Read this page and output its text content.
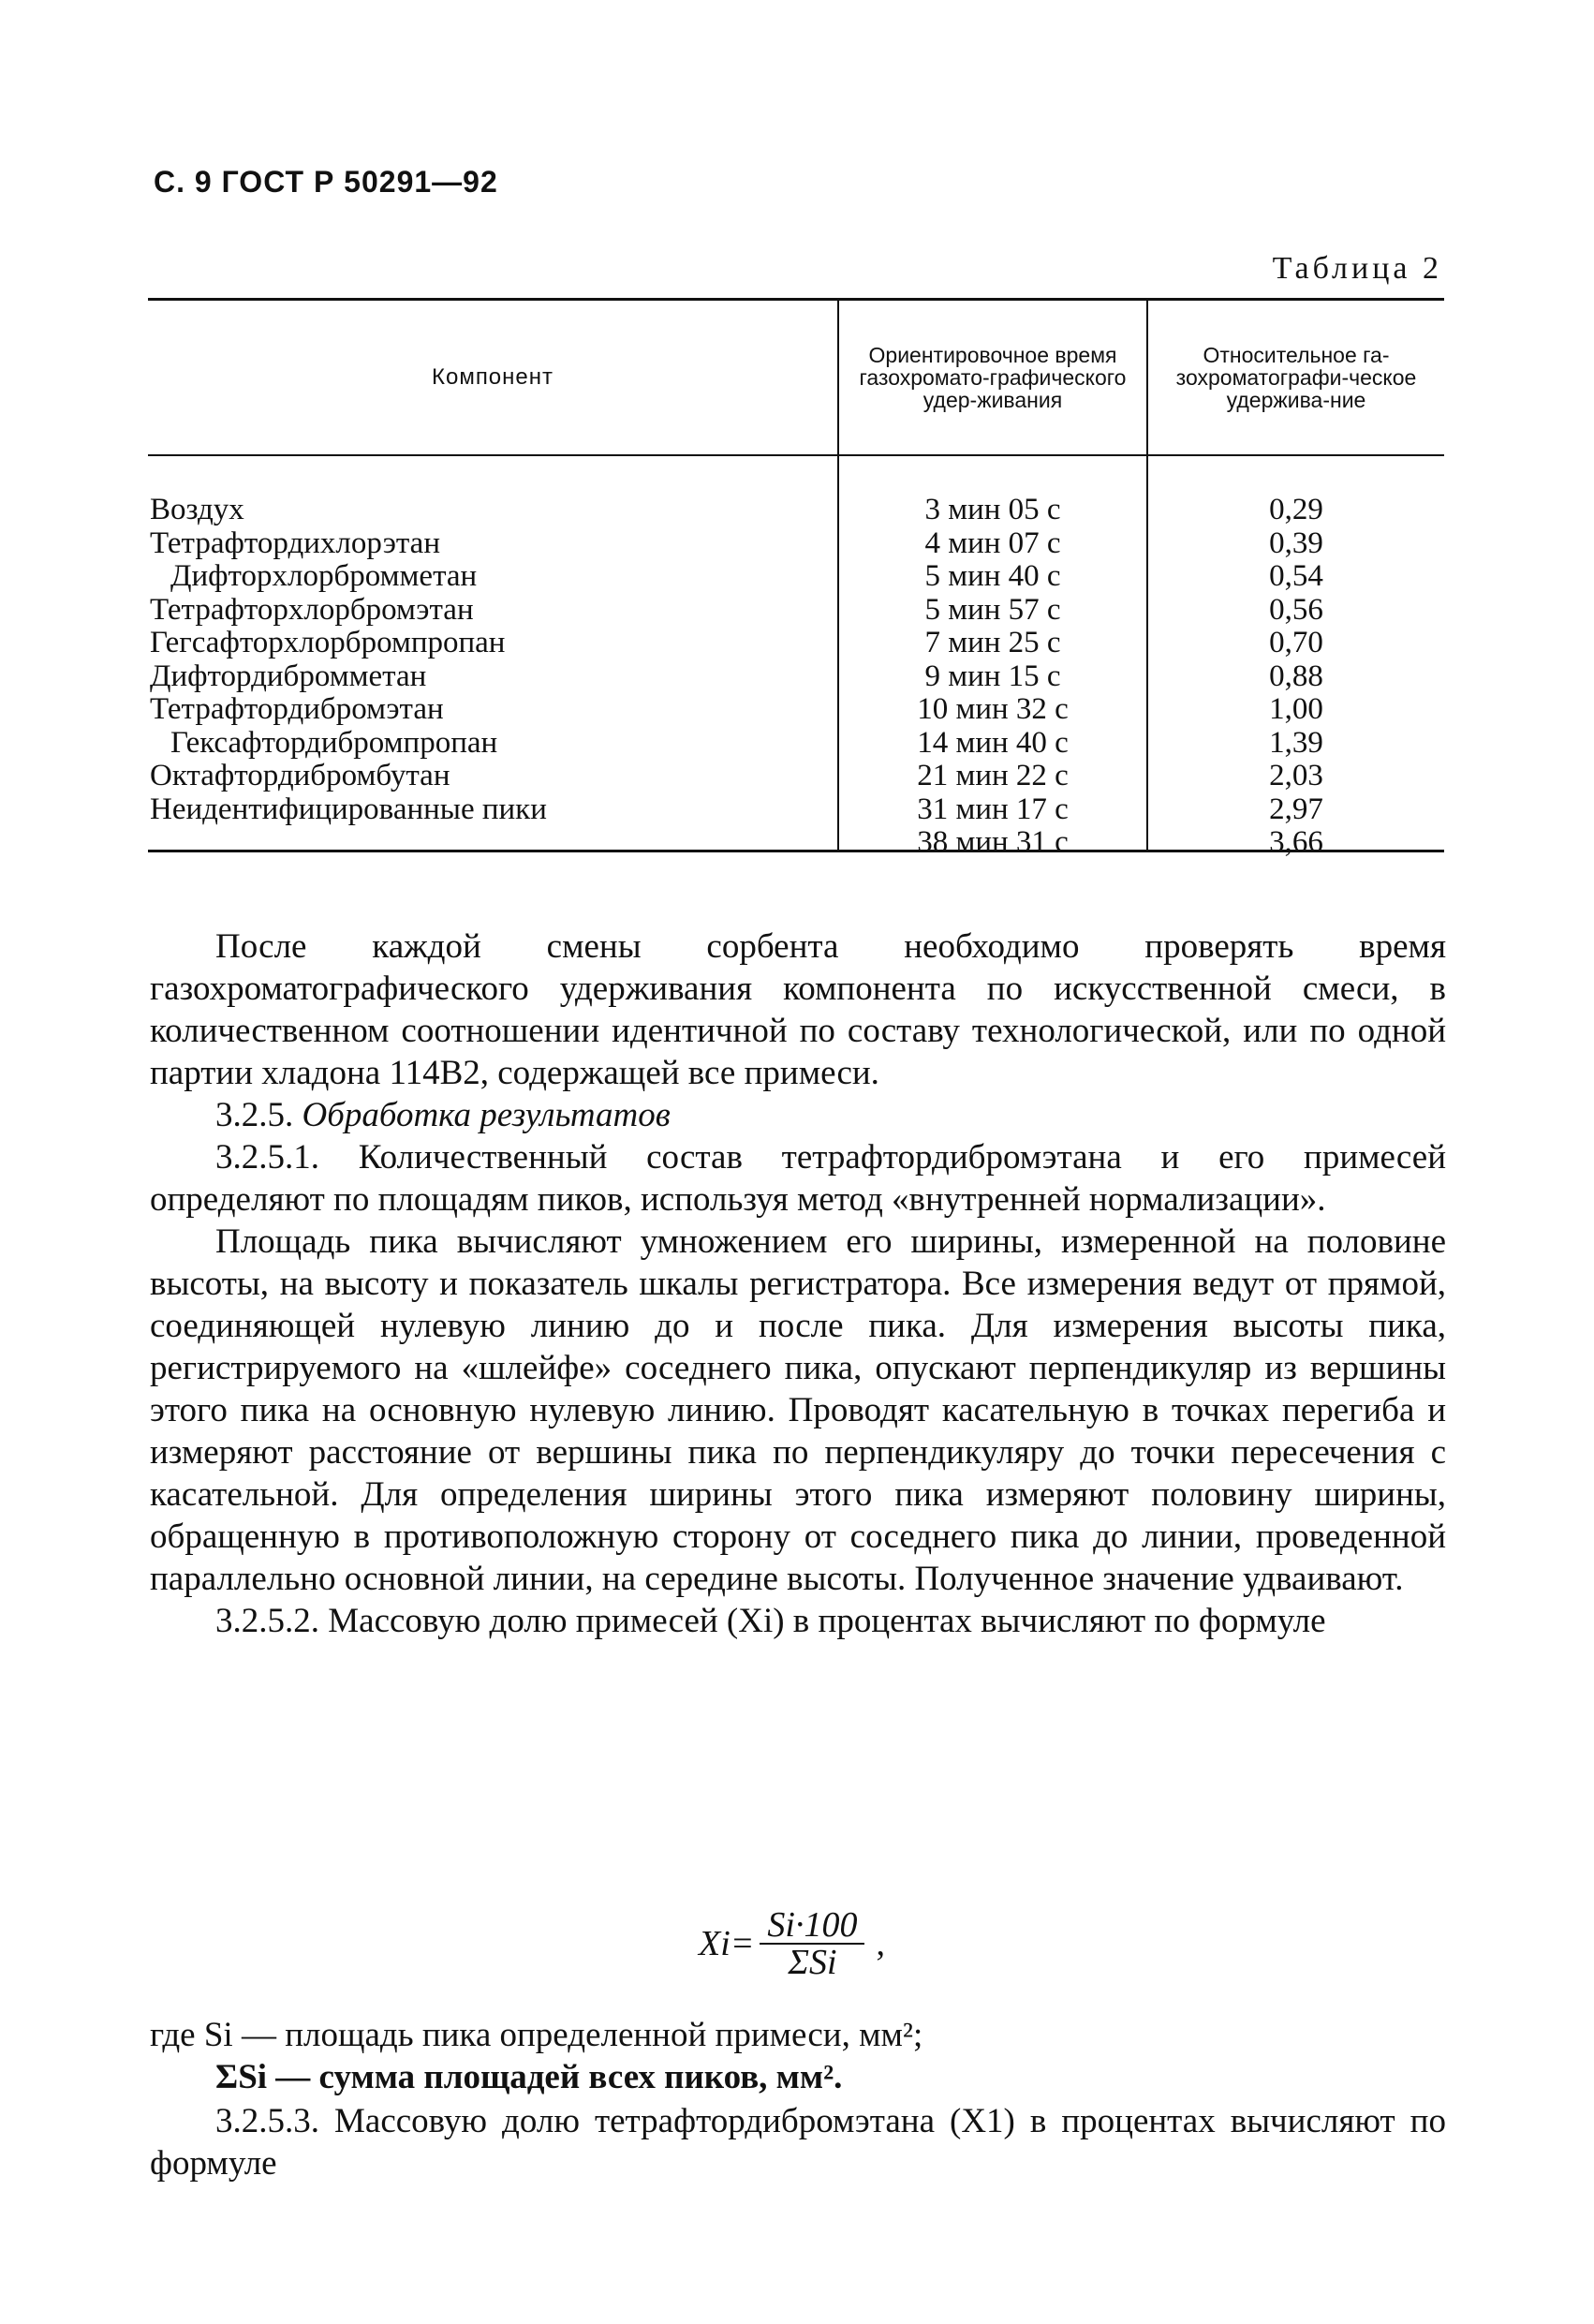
С. 9 ГОСТ Р 50291—92
Таблица 2
Компонент
Ориентировочное время газохромато-графического удер-живания
Относительное га-зохроматографи-ческое удержива-ние
Воздух
Тетрафтордихлорэтан
Дифторхлорбромметан
Тетрафторхлорбромэтан
Гегсафторхлорбромпропан
Дифтордибромметан
Тетрафтордибромэтан
Гексафтордибромпропан
Октафтордибромбутан
Неидентифицированные пики
3 мин 05 с
4 мин 07 с
5 мин 40 с
5 мин 57 с
7 мин 25 с
9 мин 15 с
10 мин 32 с
14 мин 40 с
21 мин 22 с
31 мин 17 с
38 мин 31 с
0,29
0,39
0,54
0,56
0,70
0,88
1,00
1,39
2,03
2,97
3,66

После каждой смены сорбента необходимо проверять время газохроматографического удерживания компонента по искусственной смеси, в количественном соотношении идентичной по составу технологической, или по одной партии хладона 114В2, содержащей все примеси.

3.2.5. Обработка результатов

3.2.5.1. Количественный состав тетрафтордибромэтана и его примесей определяют по площадям пиков, используя метод «внутренней нормализации».

Площадь пика вычисляют умножением его ширины, измеренной на половине высоты, на высоту и показатель шкалы регистратора. Все измерения ведут от прямой, соединяющей нулевую линию до и после пика. Для измерения высоты пика, регистрируемого на «шлейфе» соседнего пика, опускают перпендикуляр из вершины этого пика на основную нулевую линию. Проводят касательную в точках перегиба и измеряют расстояние от вершины пика по перпендикуляру до точки пересечения с касательной. Для определения ширины этого пика измеряют половину ширины, обращенную в противоположную сторону от соседнего пика до линии, проведенной параллельно основной линии, на середине высоты. Полученное значение удваивают.

3.2.5.2. Массовую долю примесей (Xi) в процентах вычисляют по формуле

$Xi= \frac{Si\cdot 100}{\text{ΣSi}}$ ,

где Si — площадь пика определенной примеси, мм²;

ΣSi — сумма площадей всех пиков, мм².

3.2.5.3. Массовую долю тетрафтордибромэтана (X1) в процентах вычисляют по формуле
